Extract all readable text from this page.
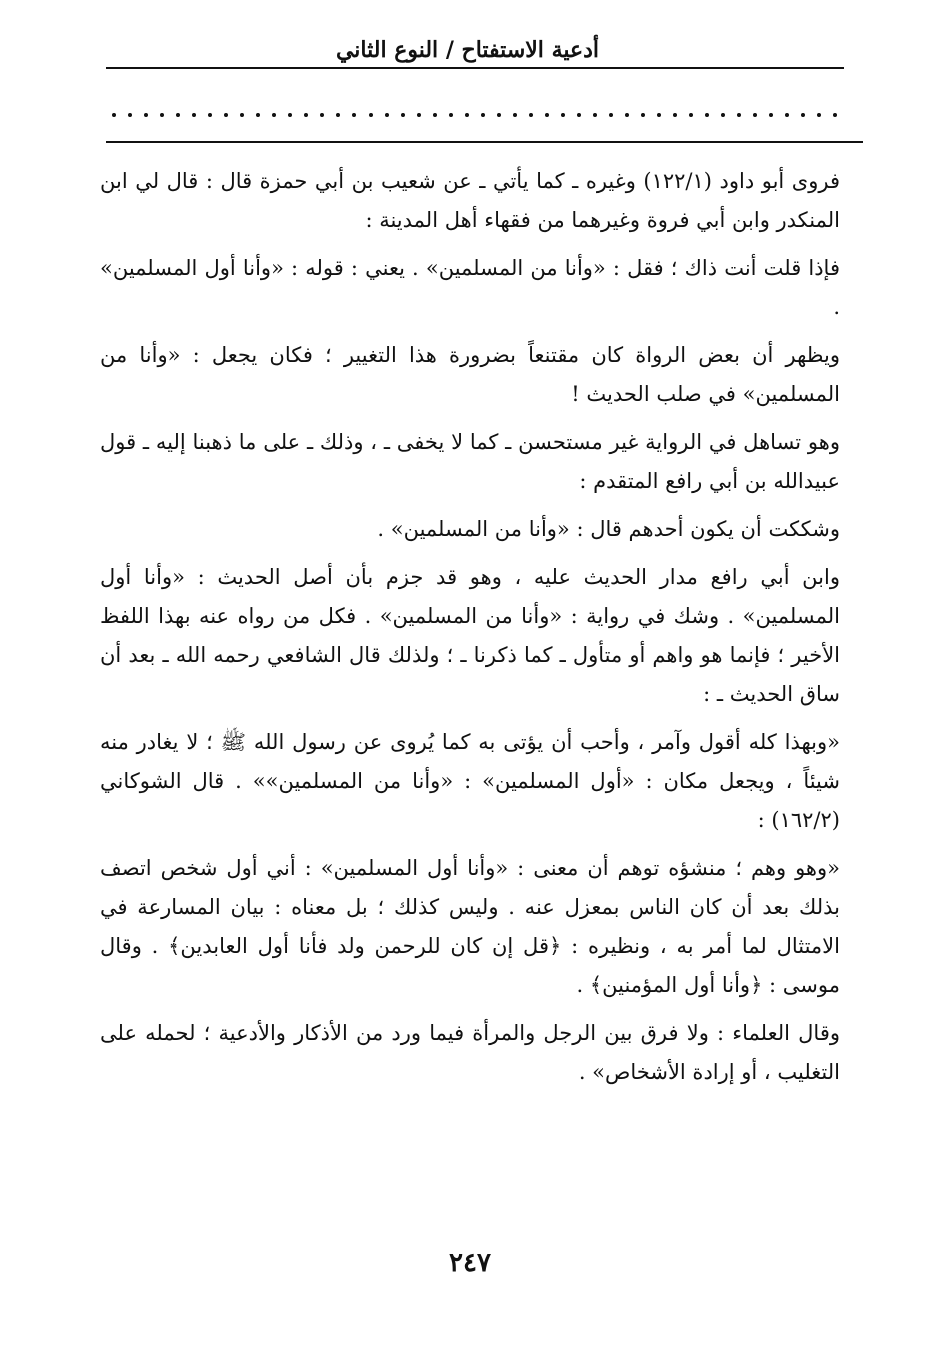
أدعية الاستفتاح / النوع الثاني

فروى أبو داود (١٢٢/١) وغيره ـ كما يأتي ـ عن شعيب بن أبي حمزة قال : قال لي ابن المنكدر وابن أبي فروة وغيرهما من فقهاء أهل المدينة :

فإذا قلت أنت ذاك ؛ فقل : «وأنا من المسلمين» . يعني : قوله : «وأنا أول المسلمين» .

ويظهر أن بعض الرواة كان مقتنعاً بضرورة هذا التغيير ؛ فكان يجعل : «وأنا من المسلمين» في صلب الحديث !

وهو تساهل في الرواية غير مستحسن ـ كما لا يخفى ـ ، وذلك ـ على ما ذهبنا إليه ـ قول عبيدالله بن أبي رافع المتقدم :

وشككت أن يكون أحدهم قال : «وأنا من المسلمين» .

وابن أبي رافع مدار الحديث عليه ، وهو قد جزم بأن أصل الحديث : «وأنا أول المسلمين» . وشك في رواية : «وأنا من المسلمين» . فكل من رواه عنه بهذا اللفظ الأخير ؛ فإنما هو واهم أو متأول ـ كما ذكرنا ـ ؛ ولذلك قال الشافعي رحمه الله ـ بعد أن ساق الحديث ـ :

«وبهذا كله أقول وآمر ، وأحب أن يؤتى به كما يُروى عن رسول الله ﷺ ؛ لا يغادر منه شيئاً ، ويجعل مكان : «أول المسلمين» : «وأنا من المسلمين»» . قال الشوكاني (١٦٢/٢) :

«وهو وهم ؛ منشؤه توهم أن معنى : «وأنا أول المسلمين» : أني أول شخص اتصف بذلك بعد أن كان الناس بمعزل عنه . وليس كذلك ؛ بل معناه : بيان المسارعة في الامتثال لما أمر به ، ونظيره : ﴿قل إن كان للرحمن ولد فأنا أول العابدين﴾ . وقال موسى : ﴿وأنا أول المؤمنين﴾ .

وقال العلماء : ولا فرق بين الرجل والمرأة فيما ورد من الأذكار والأدعية ؛ لحمله على التغليب ، أو إرادة الأشخاص» .

٢٤٧
